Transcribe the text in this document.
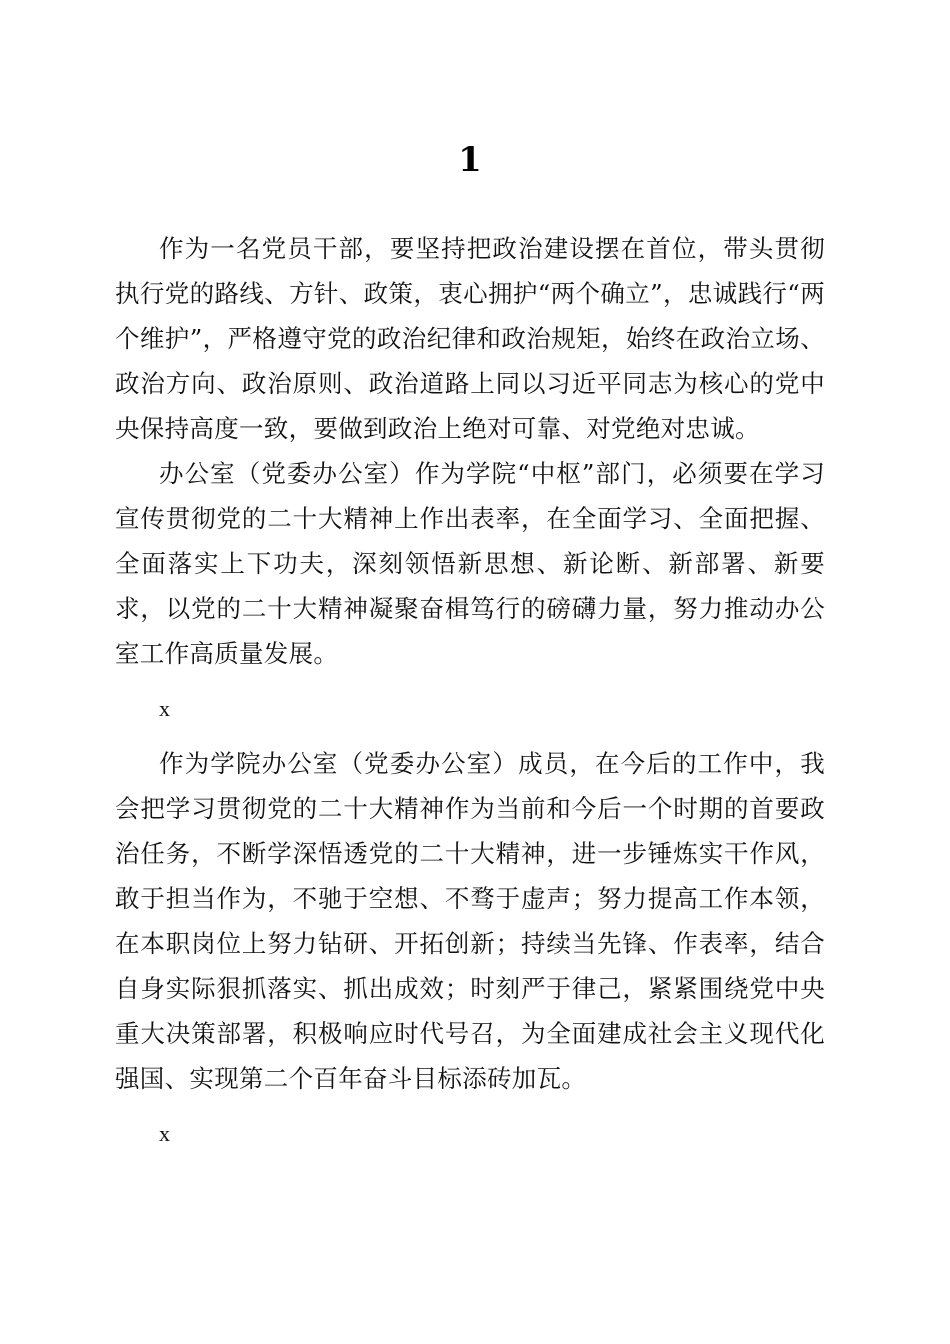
1

作为一名党员干部，要坚持把政治建设摆在首位，带头贯彻执行党的路线、方针、政策，衷心拥护“两个确立”，忠诚践行“两个维护”，严格遵守党的政治纪律和政治规矩，始终在政治立场、政治方向、政治原则、政治道路上同以习近平同志为核心的党中央保持高度一致，要做到政治上绝对可靠、对党绝对忠诚。

办公室（党委办公室）作为学院“中枢”部门，必须要在学习宣传贯彻党的二十大精神上作出表率，在全面学习、全面把握、全面落实上下功夫，深刻领悟新思想、新论断、新部署、新要求，以党的二十大精神凝聚奋楫笃行的磅礴力量，努力推动办公室工作高质量发展。

x

作为学院办公室（党委办公室）成员，在今后的工作中，我会把学习贯彻党的二十大精神作为当前和今后一个时期的首要政治任务，不断学深悟透党的二十大精神，进一步锤炼实干作风，敢于担当作为，不驰于空想、不骛于虚声；努力提高工作本领，在本职岗位上努力钻研、开拓创新；持续当先锋、作表率，结合自身实际狠抓落实、抓出成效；时刻严于律己，紧紧围绕党中央重大决策部署，积极响应时代号召，为全面建成社会主义现代化强国、实现第二个百年奋斗目标添砖加瓦。

x
